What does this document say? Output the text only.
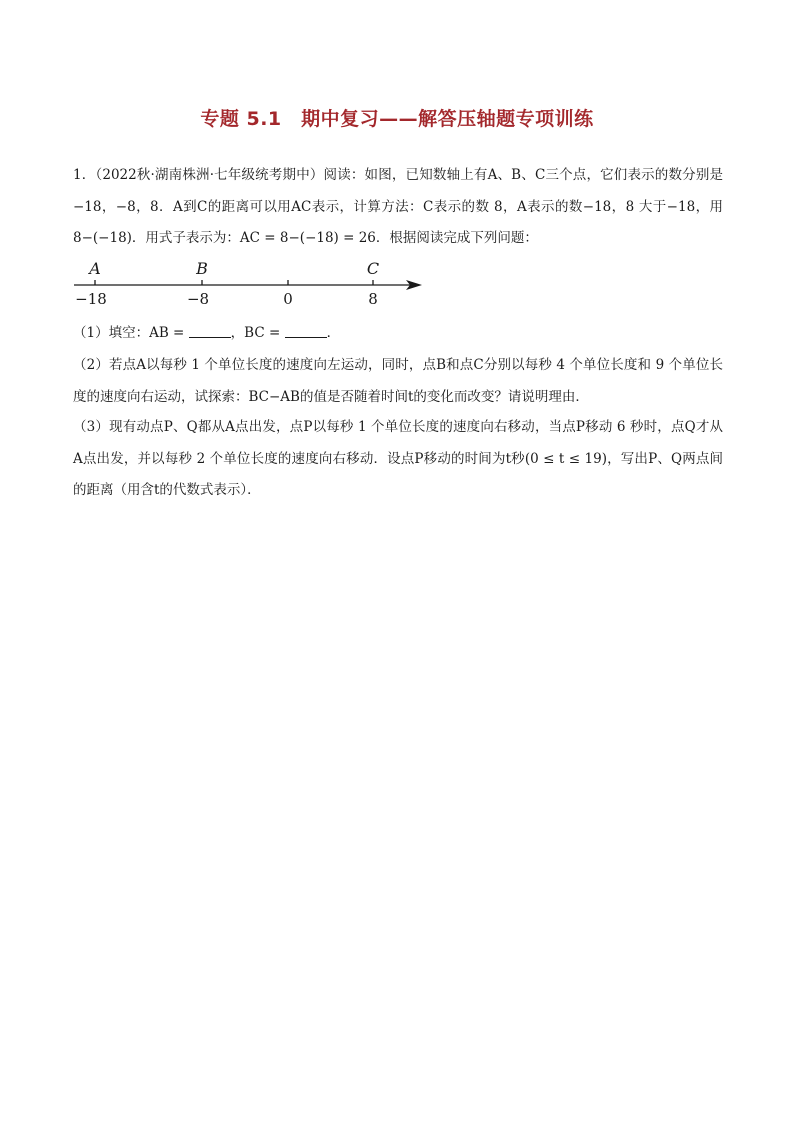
专题 5.1　期中复习——解答压轴题专项训练
1．（2022秋·湖南株洲·七年级统考期中）阅读：如图，已知数轴上有A、B、C三个点，它们表示的数分别是−18，−8，8．A到C的距离可以用AC表示，计算方法：C表示的数 8，A表示的数−18，8 大于−18，用8−(−18)．用式子表示为：AC = 8−(−18) = 26．根据阅读完成下列问题：
A	B	C
−18	−8	0	8
（1）填空：AB =	，BC =	．
（2）若点A以每秒 1 个单位长度的速度向左运动，同时，点B和点C分别以每秒 4 个单位长度和 9 个单位长度的速度向右运动，试探索：BC−AB的值是否随着时间t的变化而改变？请说明理由．
（3）现有动点P、Q都从A点出发，点P以每秒 1 个单位长度的速度向右移动，当点P移动 6 秒时，点Q才从A点出发，并以每秒 2 个单位长度的速度向右移动．设点P移动的时间为t秒(0 ≤ t ≤ 19)，写出P、Q两点间的距离（用含t的代数式表示）．
